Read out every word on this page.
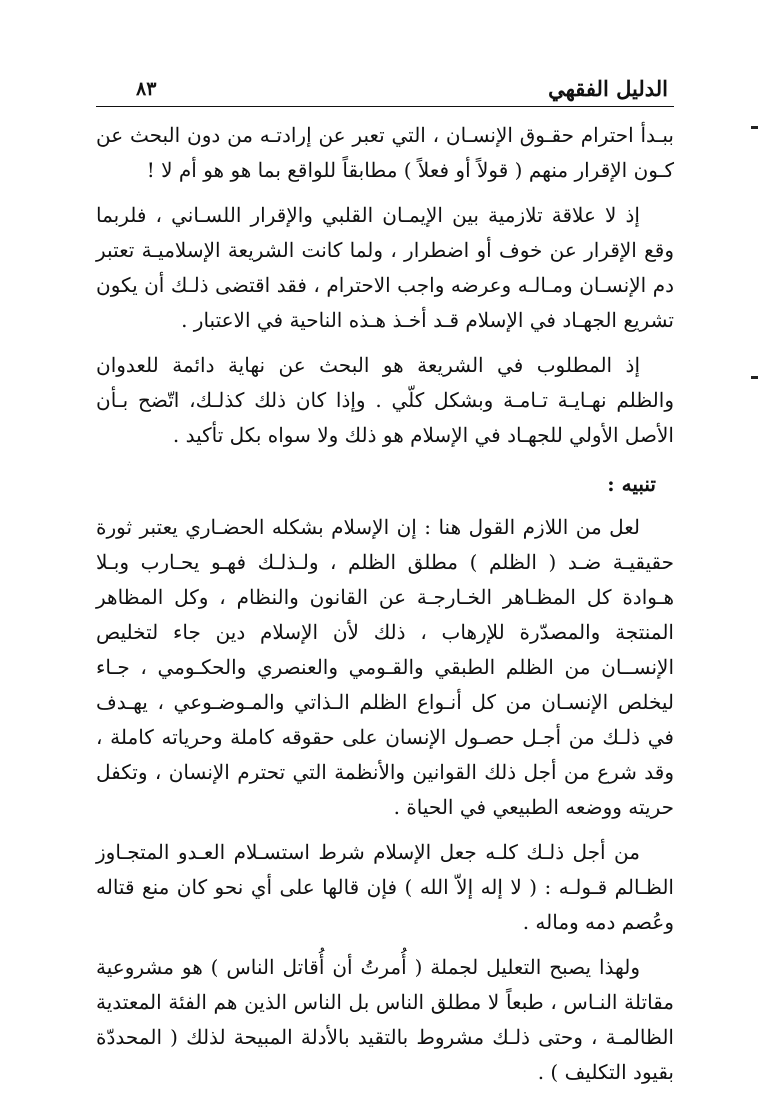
الدليل الفقهي
٨٣

ببـدأ احترام حقـوق الإنسـان ، التي تعبر عن إرادتـه من دون البحث عن كـون الإقرار منهم ( قولاً أو فعلاً ) مطابقاً للواقع بما هو هو أم لا !

إذ لا علاقة تلازمية بين الإيمـان القلبي والإقرار اللسـاني ، فلربما وقع الإقرار عن خوف أو اضطرار ، ولما كانت الشريعة الإسلاميـة تعتبر دم الإنسـان ومـالـه وعرضه واجب الاحترام ، فقد اقتضى ذلـك أن يكون تشريع الجهـاد في الإسلام قـد أخـذ هـذه الناحية في الاعتبار .

إذ المطلوب في الشريعة هو البحث عن نهاية دائمة للعدوان والظلم نهـايـة تـامـة وبشكل كلّي . وإذا كان ذلك كذلـك، اتّضح بـأن الأصل الأولي للجهـاد في الإسلام هو ذلك ولا سواه بكل تأكيد .

تنبيه :

لعل من اللازم القول هنا : إن الإسلام بشكله الحضـاري يعتبر ثورة حقيقيـة ضـد ( الظلم ) مطلق الظلم ، ولـذلـك فهـو يحـارب وبـلا هـوادة كل المظـاهر الخـارجـة عن القانون والنظام ، وكل المظاهر المنتجة والمصدّرة للإرهاب ، ذلك لأن الإسلام دين جاء لتخليص الإنســان من الظلم الطبقي والقـومي والعنصري والحكـومي ، جـاء ليخلص الإنسـان من كل أنـواع الظلم الـذاتي والمـوضـوعي ، يهـدف في ذلـك من أجـل حصـول الإنسان على حقوقه كاملة وحرياته كاملة ، وقد شرع من أجل ذلك القوانين والأنظمة التي تحترم الإنسان ، وتكفل حريته ووضعه الطبيعي في الحياة .

من أجل ذلـك كلـه جعل الإسلام شرط استسـلام العـدو المتجـاوز الظـالم قـولـه : ( لا إله إلاّ الله ) فإن قالها على أي نحو كان منع قتاله وعُصم دمه وماله .

ولهذا يصبح التعليل لجملة ( أُمرتُ أن أُقاتل الناس ) هو مشروعية مقاتلة النـاس ، طبعاً لا مطلق الناس بل الناس الذين هم الفئة المعتدية الظالمـة ، وحتى ذلـك مشروط بالتقيد بالأدلة المبيحة لذلك ( المحددّة بقيود التكليف ) .
